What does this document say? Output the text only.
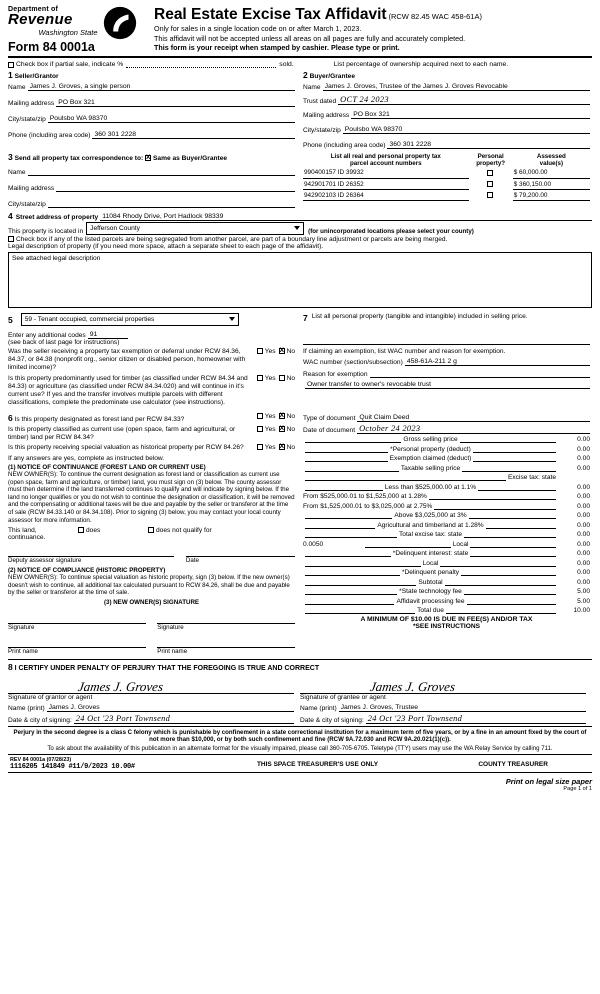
Department of
Revenue
Washington State
Form 84 0001a
Real Estate Excise Tax Affidavit (RCW 82.45 WAC 458-61A)
Only for sales in a single location code on or after March 1, 2023.
This affidavit will not be accepted unless all areas on all pages are fully and accurately completed.
This form is your receipt when stamped by cashier. Please type or print.
Check box if partial sale, indicate %	sold.	List percentage of ownership acquired next to each name.
1 Seller/Grantor
Name James J. Groves, a single person
Mailing address PO Box 321
City/state/zip Poulsbo WA 98370
Phone (including area code) 360 301 2228
2 Buyer/Grantee
Name James J. Groves, Trustee of the James J. Groves Revocable
Trust dated OCT 24 2023
Mailing address PO Box 321
City/state/zip Poulsbo WA 98370
Phone (including area code) 360 301 2228
3 Send all property tax correspondence to: X Same as Buyer/Grantee
Name
Mailing address
City/state/zip
List all real and personal property tax
parcel account numbers	Personal
property?	Assessed
value(s)
990400157 ID 39932		$ 60,000.00
942901701 ID 26352		$ 360,150.00
942902103 ID 26364		$ 79,200.00
4 Street address of property 11084 Rhody Drive, Port Hadlock 98339
This property is located in Jefferson County	(for unincorporated locations please select your county)
Check box if any of the listed parcels are being segregated from another parcel, are part of a boundary line adjustment or parcels are being merged.
Legal description of property (if you need more space, attach a separate sheet to each page of the affidavit).
See attached legal description
5 59 - Tenant occupied, commercial properties
Enter any additional codes 91
(see back of last page for instructions)
Was the seller receiving a property tax exemption or deferral under RCW 84.36, 84.37, or 84.38 (nonprofit org., senior citizen or disabled person, homeowner with limited income)?
Yes X No
Is this property predominantly used for timber (as classified under RCW 84.34 and 84.33) or agriculture (as classified under RCW 84.34.020) and will continue in it's current use? If yes and the transfer involves multiple parcels with different classifications, complete the predominate use calculator (see instructions).
Yes No
7 List all personal property (tangible and intangible) included in selling price.
If claiming an exemption, list WAC number and reason for exemption.
WAC number (section/subsection) 458-61A-211 2 g
Reason for exemption
Owner transfer to owner's revocable trust
6 Is this property designated as forest land per RCW 84.33?	Yes X No
Is this property classified as current use (open space, farm and agricultural, or timber) land per RCW 84.34?
Yes X No
Is this property receiving special valuation as historical property per RCW 84.26?	Yes X No
If any answers are yes, complete as instructed below.
(1) NOTICE OF CONTINUANCE (FOREST LAND OR CURRENT USE)
NEW OWNER(S): To continue the current designation as forest land or classification as current use (open space, farm and agriculture, or timber) land, you must sign on (3) below. The county assessor must then determine if the land transferred continues to qualify and will indicate by signing below. If the land no longer qualifies or you do not wish to continue the designation or classification, it will be removed and the compensating or additional taxes will be due and payable by the seller or transferor at the time of sale (RCW 84.33.140 or 84.34.108). Prior to signing (3) below, you may contact your local county assessor for more information.
This land,	does	does not qualify for
continuance.
Deputy assessor signature	Date
(2) NOTICE OF COMPLIANCE (HISTORIC PROPERTY)
NEW OWNER(S): To continue special valuation as historic property, sign (3) below. If the new owner(s) doesn't wish to continue, all additional tax calculated pursuant to RCW 84.26, shall be due and payable by the seller or transferor at the time of sale.
(3) NEW OWNER(S) SIGNATURE
Signature	Signature
Print name	Print name
Type of document Quit Claim Deed
Date of document October 24 2023
Gross selling price	0.00
*Personal property (deduct)	0.00
Exemption claimed (deduct)	0.00
Taxable selling price	0.00
Excise tax: state
Less than $525,000.00 at 1.1%	0.00
From $525,000.01 to $1,525,000 at 1.28%	0.00
From $1,525,000.01 to $3,025,000 at 2.75%	0.00
Above $3,025,000 at 3%	0.00
Agricultural and timberland at 1.28%	0.00
Total excise tax: state	0.00
0.0050	Local	0.00
*Delinquent interest: state	0.00
Local	0.00
*Delinquent penalty	0.00
Subtotal	0.00
*State technology fee	5.00
Affidavit processing fee	5.00
Total due	10.00
A MINIMUM OF $10.00 IS DUE IN FEE(S) AND/OR TAX
*SEE INSTRUCTIONS
8 I CERTIFY UNDER PENALTY OF PERJURY THAT THE FOREGOING IS TRUE AND CORRECT
James J. Groves
Signature of grantor or agent
Name (print) James J. Groves
Date & city of signing: 24 Oct '23 Port Townsend
James J. Groves
Signature of grantee or agent
Name (print) James J. Groves, Trustee
Date & city of signing: 24 Oct '23 Port Townsend
Perjury in the second degree is a class C felony which is punishable by confinement in a state correctional institution for a maximum term of five years, or by a fine in an amount fixed by the court of not more than $10,000, or by both such confinement and fine (RCW 9A.72.030 and RCW 9A.20.021(1)(c)).
To ask about the availability of this publication in an alternate format for the visually impaired, please call 360-705-6705. Teletype (TTY) users may use the WA Relay Service by calling 711.
REV 84 0001a (07/28/23)
1116205 141849 #11/9/2023 10.00#	THIS SPACE TREASURER'S USE ONLY	COUNTY TREASURER
Print on legal size paper
Page 1 of 1
